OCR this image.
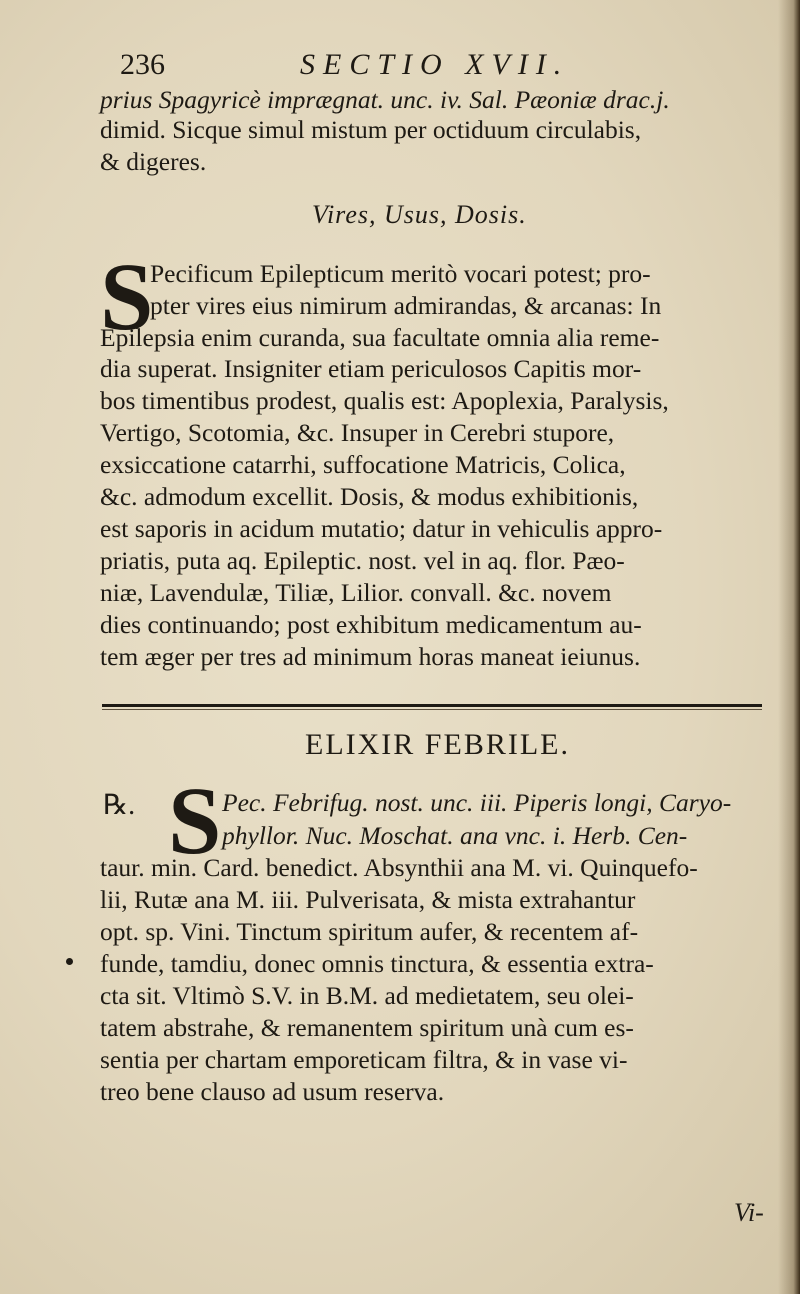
236	SECTIO XVII.
prius Spagyricè imprægnat. unc. iv. Sal. Pæoniæ drac.j.
dimid. Sicque simul mistum per octiduum circulabis,
& digeres.
Vires, Usus, Dosis.
S
Pecificum Epilepticum meritò vocari potest; pro-
pter vires eius nimirum admirandas, & arcanas: In
Epilepsia enim curanda, sua facultate omnia alia reme-
dia superat. Insigniter etiam periculosos Capitis mor-
bos timentibus prodest, qualis est: Apoplexia, Paralysis,
Vertigo, Scotomia, &c. Insuper in Cerebri stupore,
exsiccatione catarrhi, suffocatione Matricis, Colica,
&c. admodum excellit. Dosis, & modus exhibitionis,
est saporis in acidum mutatio; datur in vehiculis appro-
priatis, puta aq. Epileptic. nost. vel in aq. flor. Pæo-
niæ, Lavendulæ, Tiliæ, Lilior. convall. &c. novem
dies continuando; post exhibitum medicamentum au-
tem æger per tres ad minimum horas maneat ieiunus.
ELIXIR FEBRILE.
℞. S Pec. Febrifug. nost. unc. iii. Piperis longi, Caryo-
phyllor. Nuc. Moschat. ana vnc. i. Herb. Cen-
taur. min. Card. benedict. Absynthii ana M. vi. Quinquefo-
lii, Rutæ ana M. iii. Pulverisata, & mista extrahantur
opt. sp. Vini. Tinctum spiritum aufer, & recentem af-
funde, tamdiu, donec omnis tinctura, & essentia extra-
cta sit. Vltimò S.V. in B.M. ad medietatem, seu olei-
tatem abstrahe, & remanentem spiritum unà cum es-
sentia per chartam emporeticam filtra, & in vase vi-
treo bene clauso ad usum reserva.
Vi-
